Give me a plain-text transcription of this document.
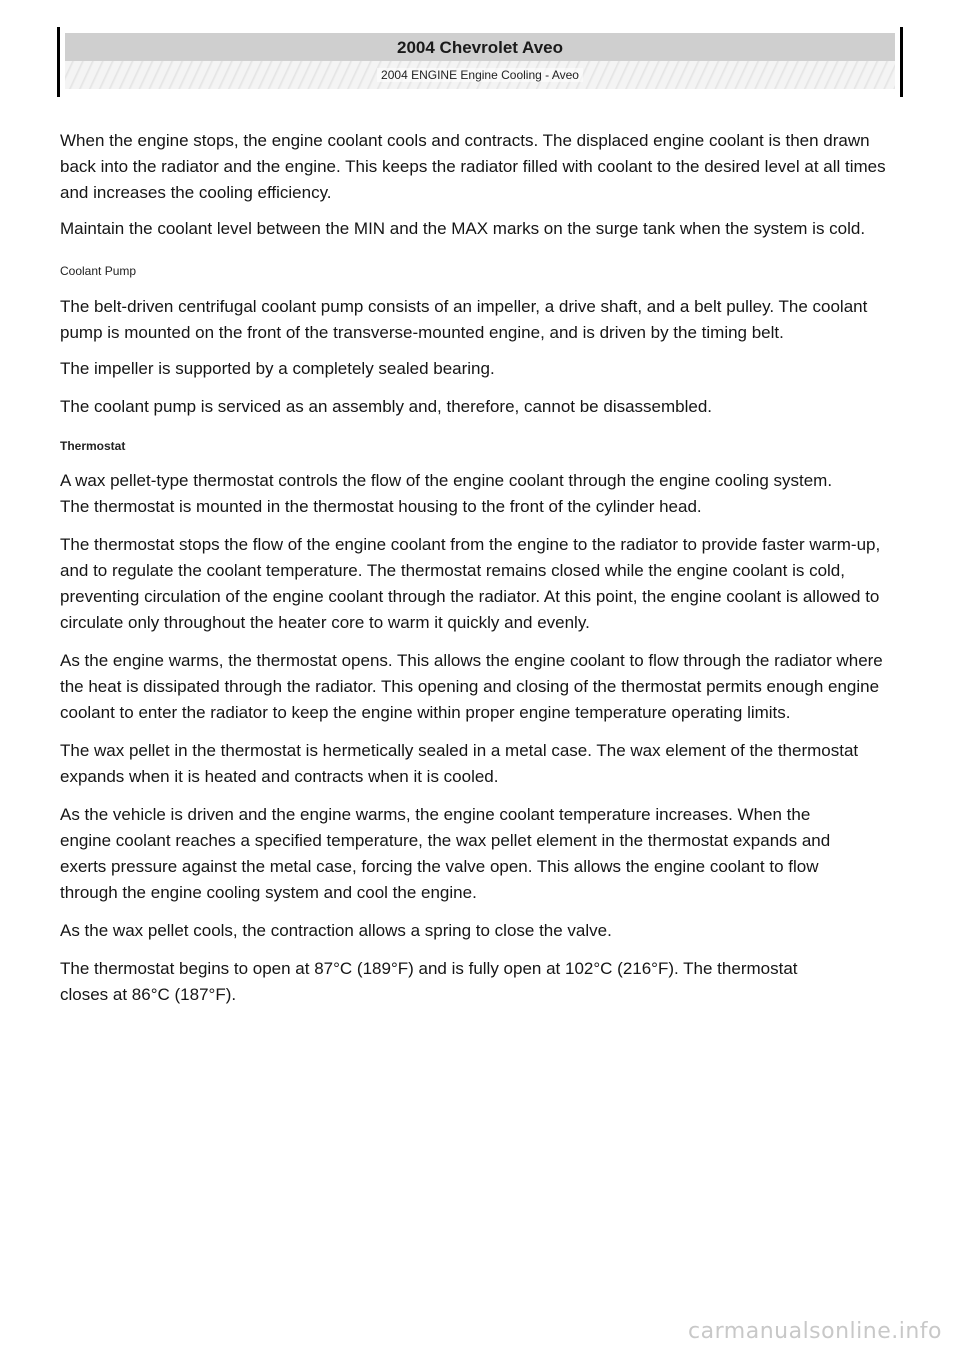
2004 Chevrolet Aveo
2004 ENGINE Engine Cooling - Aveo

When the engine stops, the engine coolant cools and contracts. The displaced engine coolant is then drawn back into the radiator and the engine. This keeps the radiator filled with coolant to the desired level at all times and increases the cooling efficiency.

Maintain the coolant level between the MIN and the MAX marks on the surge tank when the system is cold.

Coolant Pump

The belt-driven centrifugal coolant pump consists of an impeller, a drive shaft, and a belt pulley. The coolant pump is mounted on the front of the transverse-mounted engine, and is driven by the timing belt.

The impeller is supported by a completely sealed bearing.

The coolant pump is serviced as an assembly and, therefore, cannot be disassembled.

Thermostat

A wax pellet-type thermostat controls the flow of the engine coolant through the engine cooling system. The thermostat is mounted in the thermostat housing to the front of the cylinder head.

The thermostat stops the flow of the engine coolant from the engine to the radiator to provide faster warm-up, and to regulate the coolant temperature. The thermostat remains closed while the engine coolant is cold, preventing circulation of the engine coolant through the radiator. At this point, the engine coolant is allowed to circulate only throughout the heater core to warm it quickly and evenly.

As the engine warms, the thermostat opens. This allows the engine coolant to flow through the radiator where the heat is dissipated through the radiator. This opening and closing of the thermostat permits enough engine coolant to enter the radiator to keep the engine within proper engine temperature operating limits.

The wax pellet in the thermostat is hermetically sealed in a metal case. The wax element of the thermostat expands when it is heated and contracts when it is cooled.

As the vehicle is driven and the engine warms, the engine coolant temperature increases. When the engine coolant reaches a specified temperature, the wax pellet element in the thermostat expands and exerts pressure against the metal case, forcing the valve open. This allows the engine coolant to flow through the engine cooling system and cool the engine.

As the wax pellet cools, the contraction allows a spring to close the valve.

The thermostat begins to open at 87°C (189°F) and is fully open at 102°C (216°F). The thermostat closes at 86°C (187°F).

carmanualsonline.info
